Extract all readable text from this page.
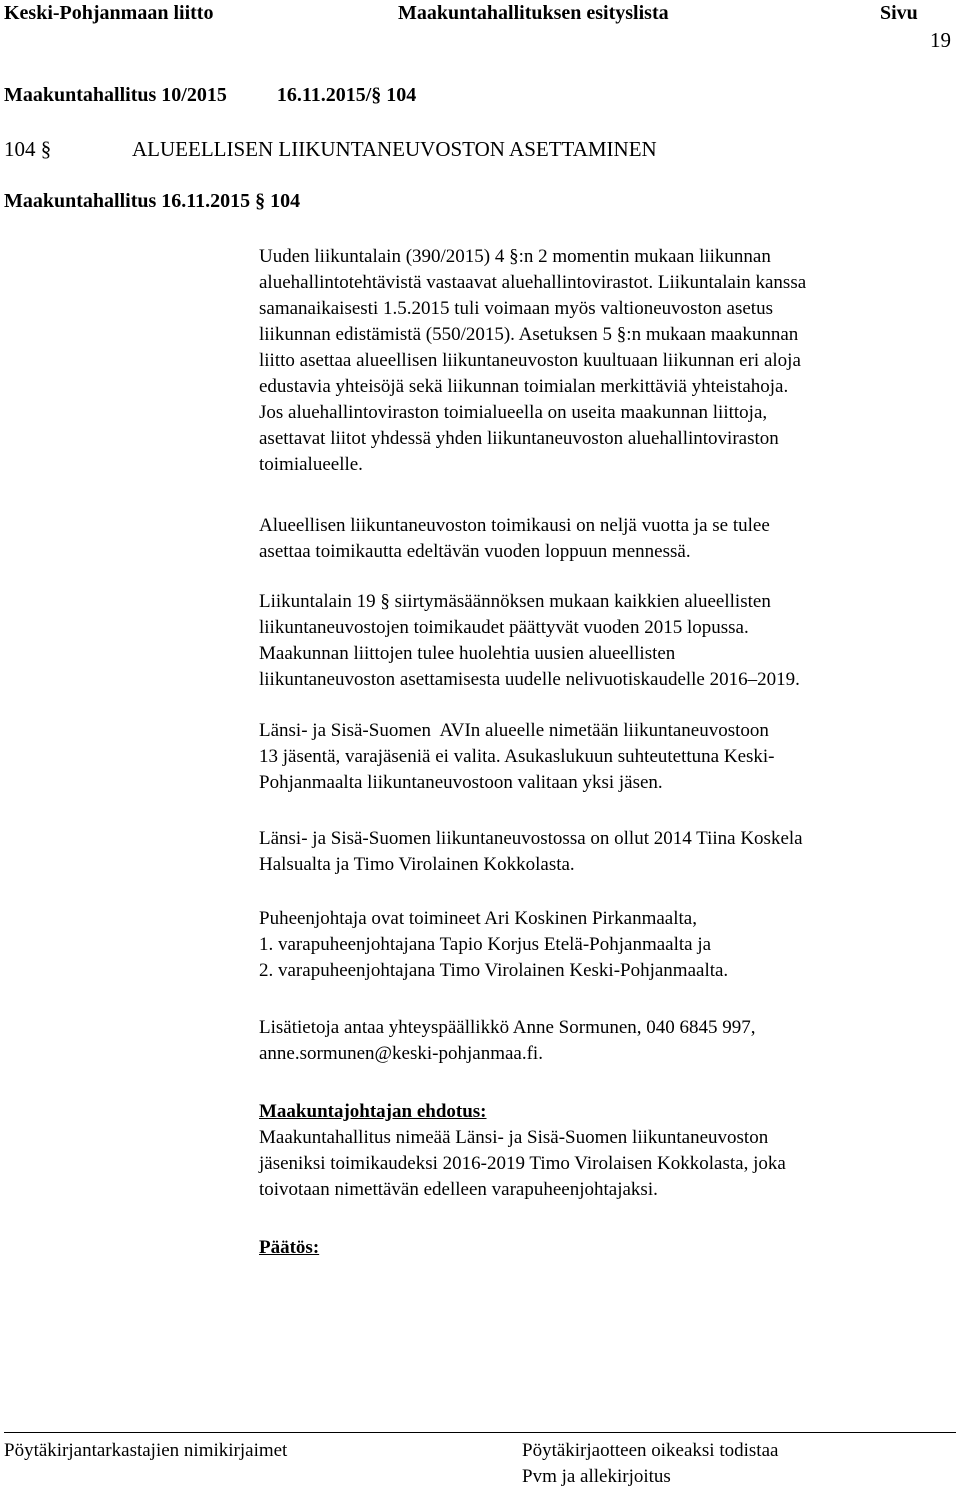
Keski-Pohjanmaan liitto	Maakuntahallituksen esityslista	Sivu
19
Maakuntahallitus 10/2015          16.11.2015/§ 104
104 §	ALUEELLISEN LIIKUNTANEUVOSTON ASETTAMINEN
Maakuntahallitus 16.11.2015 § 104
Uuden liikuntalain (390/2015) 4 §:n 2 momentin mukaan liikunnan
aluehallintotehtävistä vastaavat aluehallintovirastot. Liikuntalain kanssa
samanaikaisesti 1.5.2015 tuli voimaan myös valtioneuvoston asetus
liikunnan edistämistä (550/2015). Asetuksen 5 §:n mukaan maakunnan
liitto asettaa alueellisen liikuntaneuvoston kuultuaan liikunnan eri aloja
edustavia yhteisöjä sekä liikunnan toimialan merkittäviä yhteistahoja.
Jos aluehallintoviraston toimialueella on useita maakunnan liittoja,
asettavat liitot yhdessä yhden liikuntaneuvoston aluehallintoviraston
toimialueelle.
Alueellisen liikuntaneuvoston toimikausi on neljä vuotta ja se tulee
asettaa toimikautta edeltävän vuoden loppuun mennessä.
Liikuntalain 19 § siirtymäsäännöksen mukaan kaikkien alueellisten
liikuntaneuvostojen toimikaudet päättyvät vuoden 2015 lopussa.
Maakunnan liittojen tulee huolehtia uusien alueellisten
liikuntaneuvoston asettamisesta uudelle nelivuotiskaudelle 2016–2019.
Länsi- ja Sisä-Suomen  AVIn alueelle nimetään liikuntaneuvostoon
13 jäsentä, varajäseniä ei valita. Asukaslukuun suhteutettuna Keski-
Pohjanmaalta liikuntaneuvostoon valitaan yksi jäsen.
Länsi- ja Sisä-Suomen liikuntaneuvostossa on ollut 2014 Tiina Koskela
Halsualta ja Timo Virolainen Kokkolasta.
Puheenjohtaja ovat toimineet Ari Koskinen Pirkanmaalta,
1. varapuheenjohtajana Tapio Korjus Etelä-Pohjanmaalta ja
2. varapuheenjohtajana Timo Virolainen Keski-Pohjanmaalta.
Lisätietoja antaa yhteyspäällikkö Anne Sormunen, 040 6845 997,
anne.sormunen@keski-pohjanmaa.fi.
Maakuntajohtajan ehdotus:
Maakuntahallitus nimeää Länsi- ja Sisä-Suomen liikuntaneuvoston
jäseniksi toimikaudeksi 2016-2019 Timo Virolaisen Kokkolasta, joka
toivotaan nimettävän edelleen varapuheenjohtajaksi.
Päätös:
Pöytäkirjantarkastajien nimikirjaimet	Pöytäkirjaotteen oikeaksi todistaa
Pvm ja allekirjoitus
